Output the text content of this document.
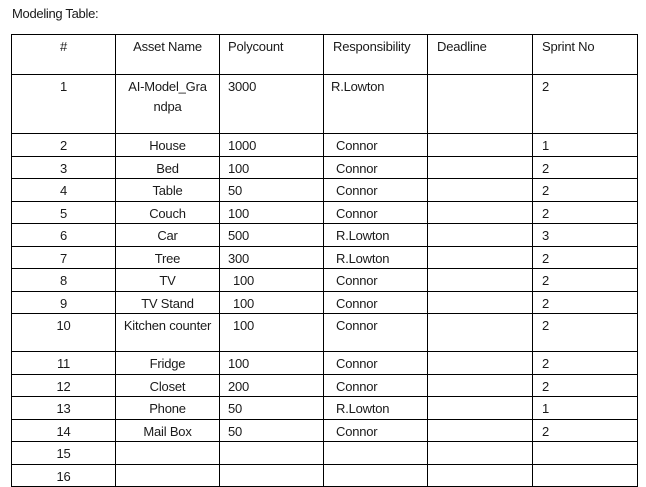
Modeling Table:
#	Asset Name	Polycount	Responsibility	Deadline	Sprint No
1	AI-Model_Grandpa	3000	R.Lowton		2
2	House	1000	Connor		1
3	Bed	100	Connor		2
4	Table	50	Connor		2
5	Couch	100	Connor		2
6	Car	500	R.Lowton		3
7	Tree	300	R.Lowton		2
8	TV	100	Connor		2
9	TV Stand	100	Connor		2
10	Kitchen counter	100	Connor		2
11	Fridge	100	Connor		2
12	Closet	200	Connor		2
13	Phone	50	R.Lowton		1
14	Mail Box	50	Connor		2
15					
16					
